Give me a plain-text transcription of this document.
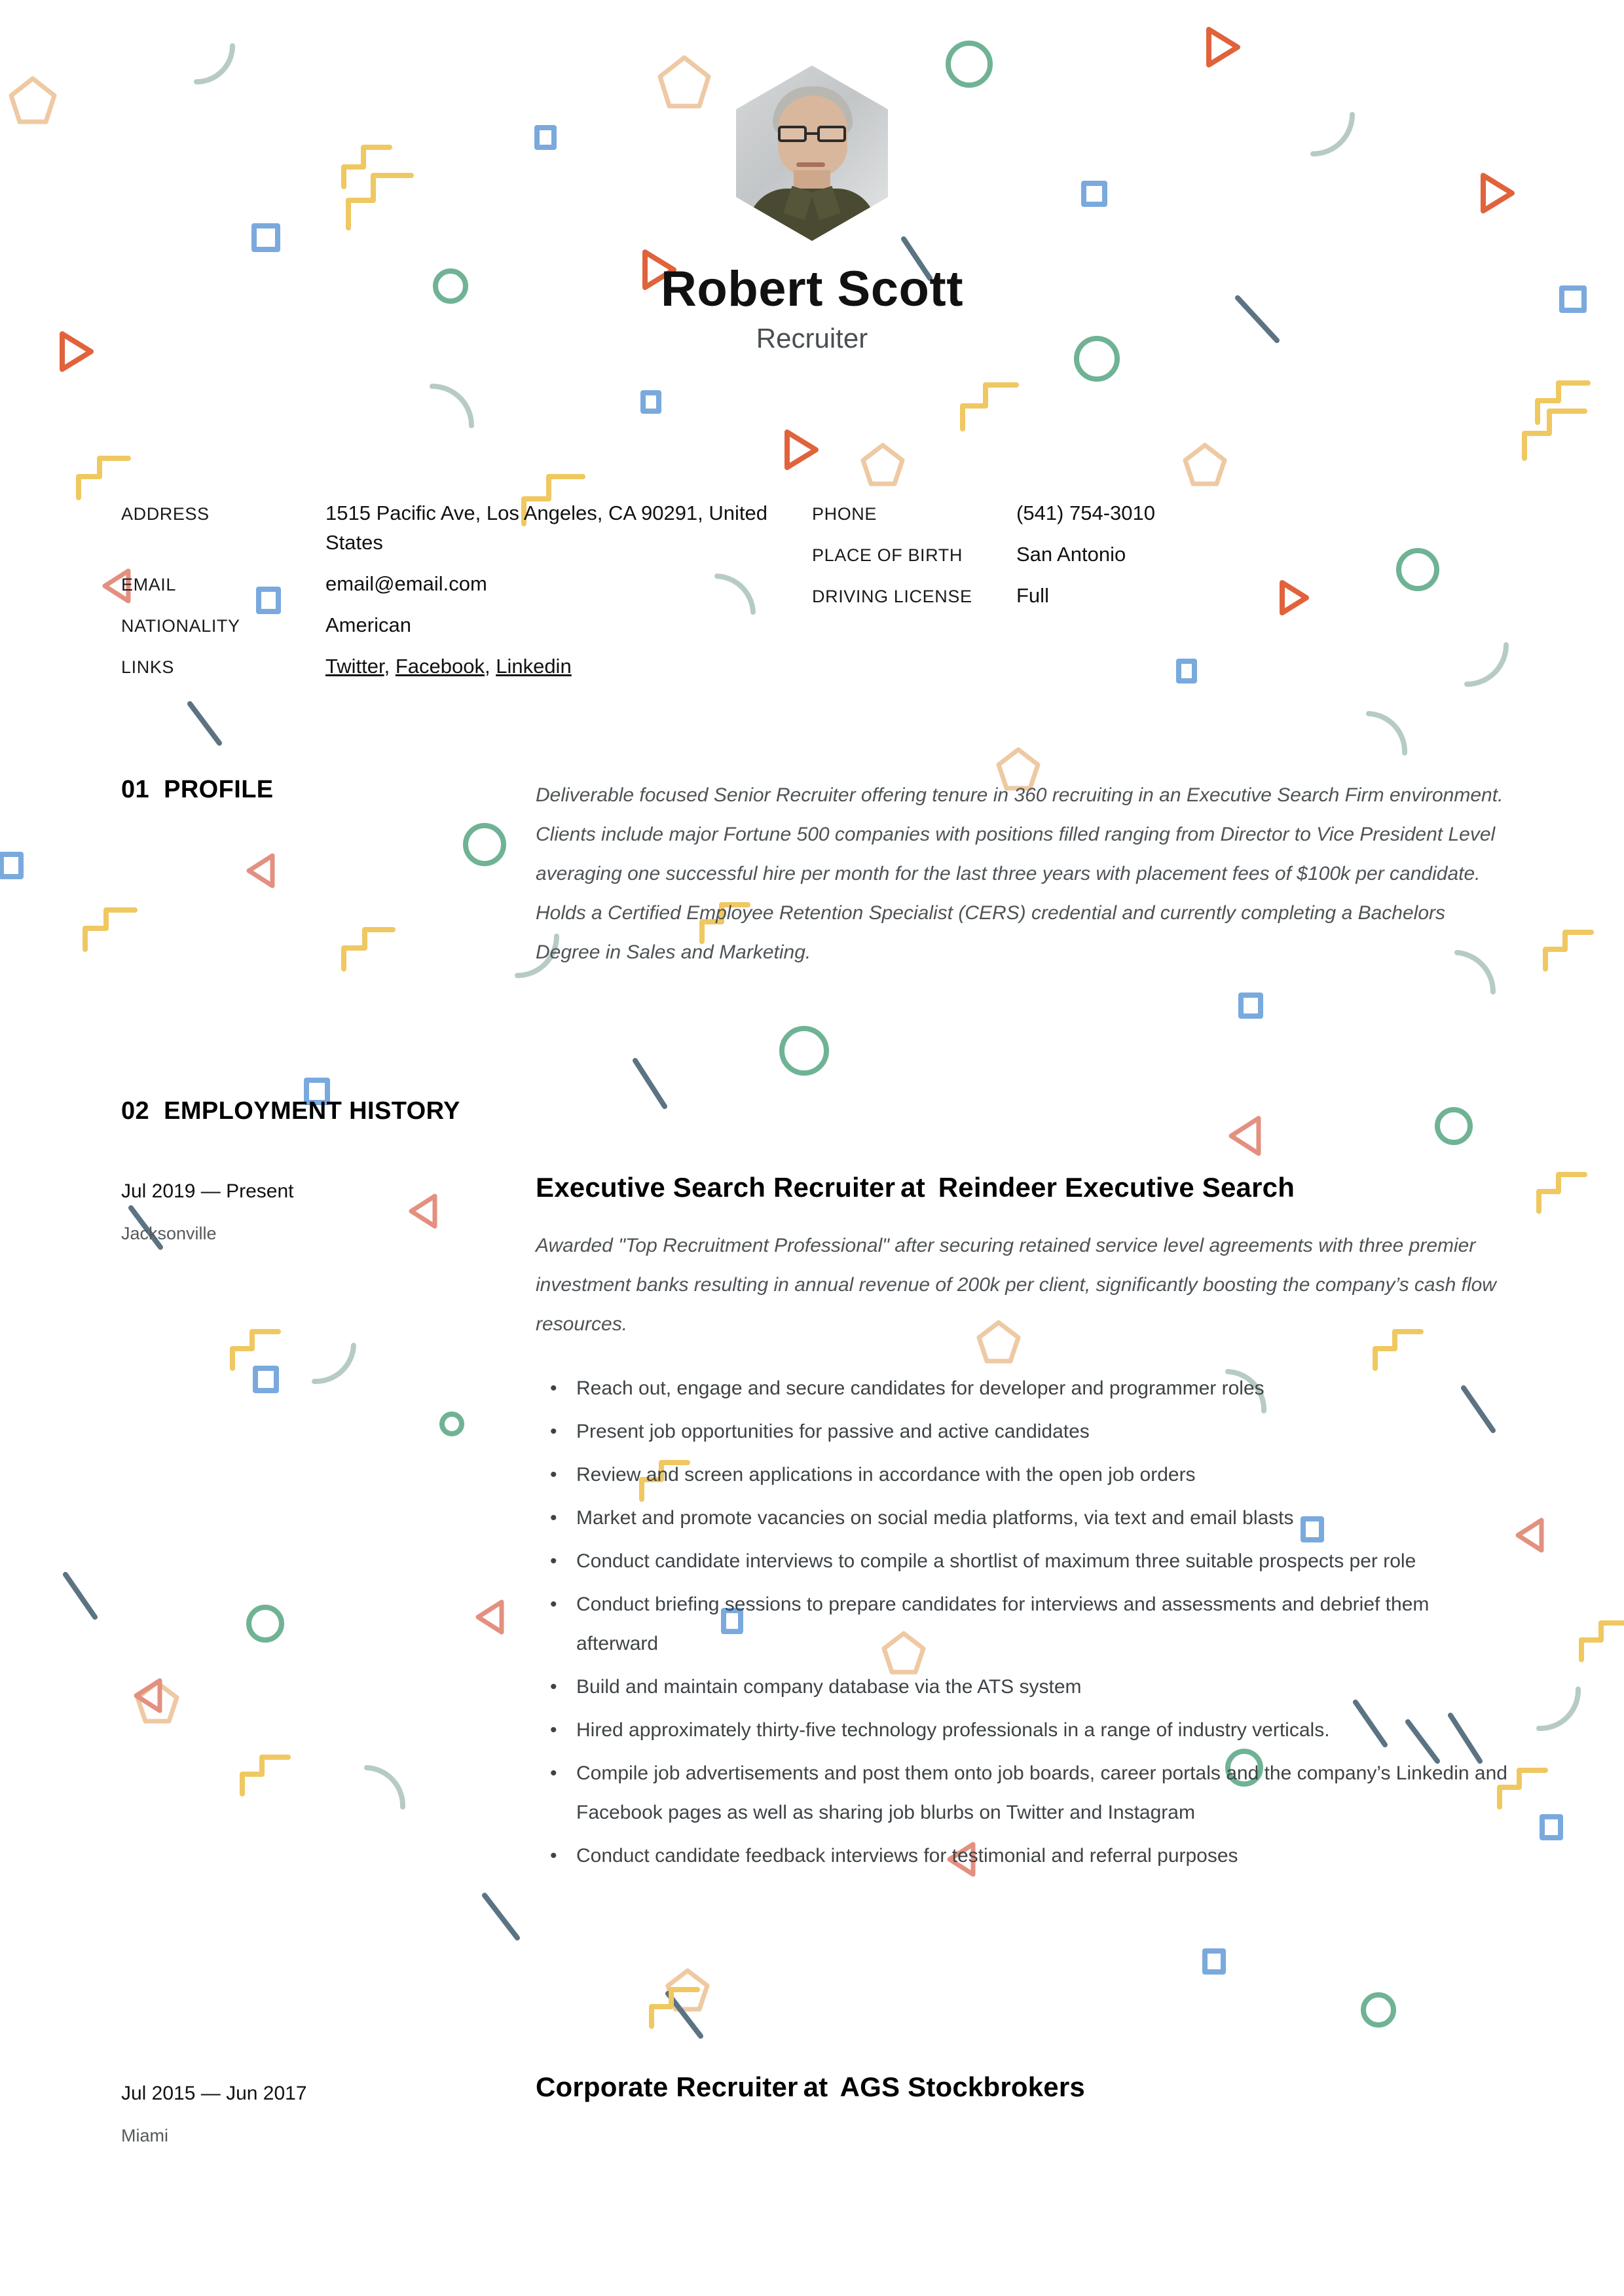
Robert Scott
Recruiter
ADDRESS	1515 Pacific Ave, Los Angeles, CA 90291, United States
EMAIL	email@email.com
NATIONALITY	American
LINKS	Twitter, Facebook, Linkedin
PHONE	(541) 754-3010
PLACE OF BIRTH	San Antonio
DRIVING LICENSE	Full
01 PROFILE	Deliverable focused Senior Recruiter offering tenure in 360 recruiting in an Executive Search Firm environment. Clients include major Fortune 500 companies with positions filled ranging from Director to Vice President Level averaging one successful hire per month for the last three years with placement fees of $100k per candidate. Holds a Certified Employee Retention Specialist (CERS) credential and currently completing a Bachelors Degree in Sales and Marketing.
02 EMPLOYMENT HISTORY
Jul 2019 — Present
Jacksonville
Executive Search Recruiter at Reindeer Executive Search
Awarded "Top Recruitment Professional" after securing retained service level agreements with three premier investment banks resulting in annual revenue of 200k per client, significantly boosting the company’s cash flow resources.
• Reach out, engage and secure candidates for developer and programmer roles
• Present job opportunities for passive and active candidates
• Review and screen applications in accordance with the open job orders
• Market and promote vacancies on social media platforms, via text and email blasts
• Conduct candidate interviews to compile a shortlist of maximum three suitable prospects per role
• Conduct briefing sessions to prepare candidates for interviews and assessments and debrief them afterward
• Build and maintain company database via the ATS system
• Hired approximately thirty-five technology professionals in a range of industry verticals.
• Compile job advertisements and post them onto job boards, career portals and the company’s Linkedin and Facebook pages as well as sharing job blurbs on Twitter and Instagram
• Conduct candidate feedback interviews for testimonial and referral purposes
Jul 2015 — Jun 2017
Miami
Corporate Recruiter at AGS Stockbrokers
